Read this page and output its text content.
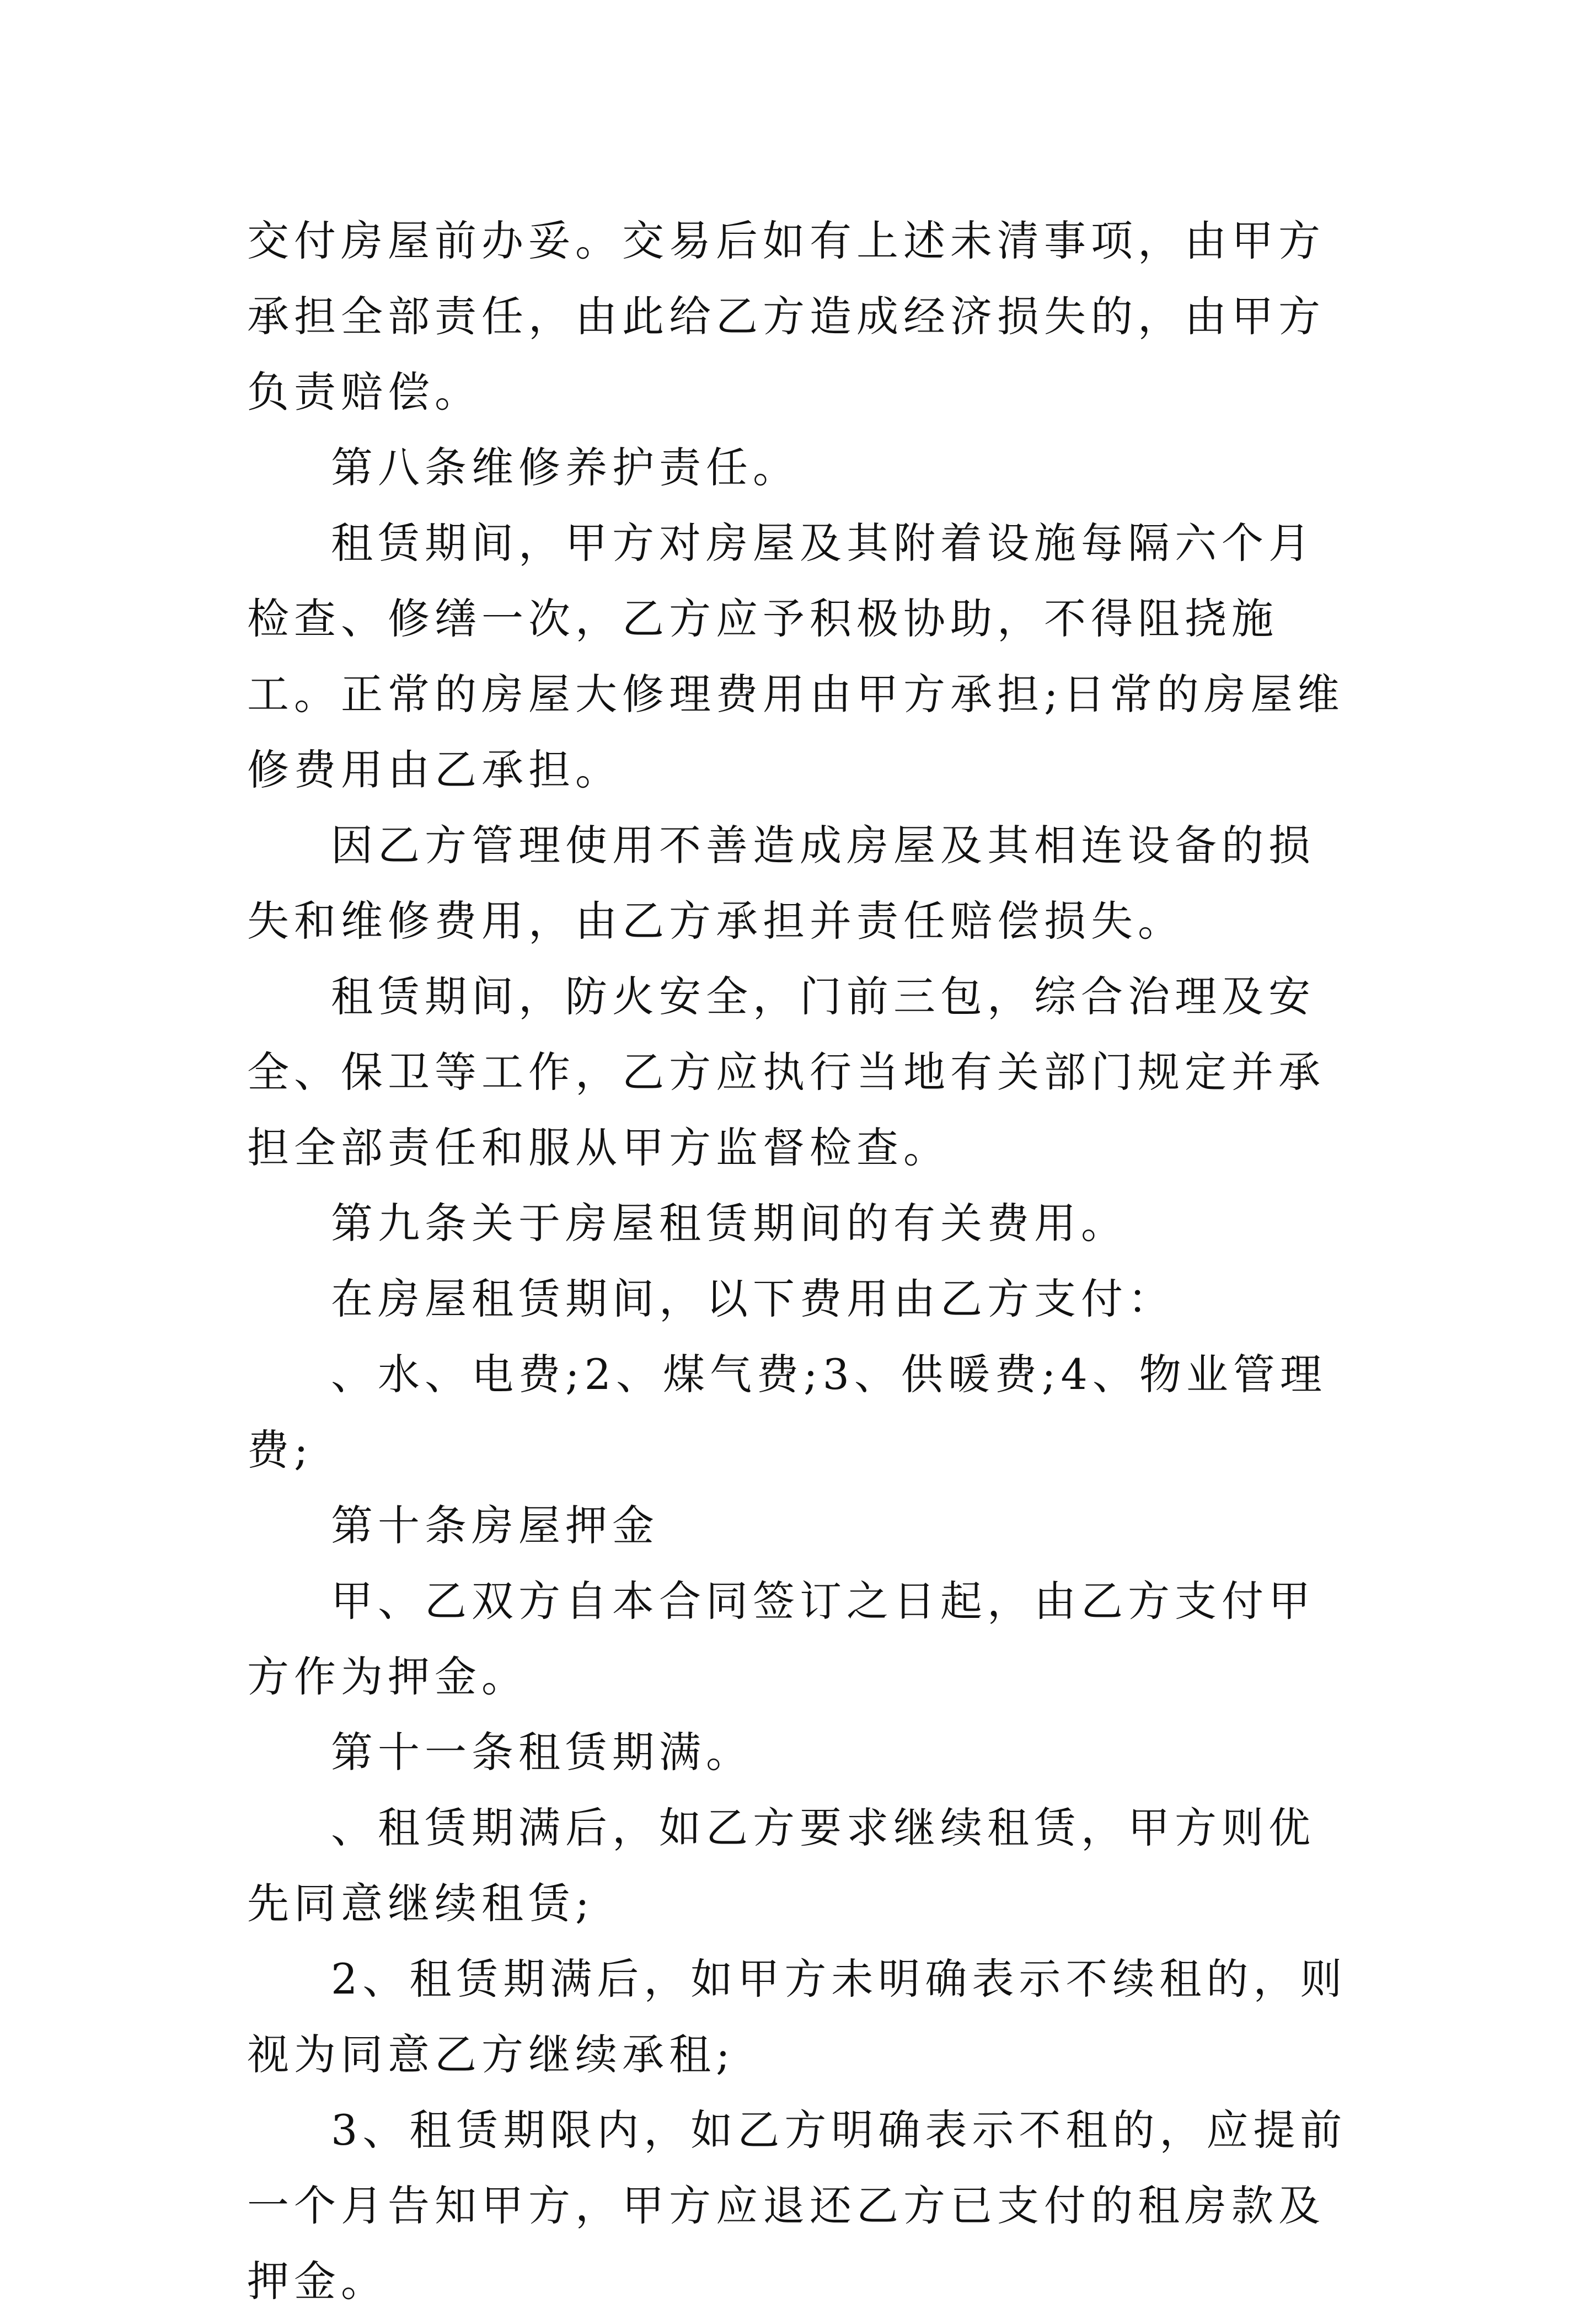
交付房屋前办妥。交易后如有上述未清事项，由甲方承担全部责任，由此给乙方造成经济损失的，由甲方负责赔偿。

第八条维修养护责任。

租赁期间，甲方对房屋及其附着设施每隔六个月检查、修缮一次，乙方应予积极协助，不得阻挠施工。正常的房屋大修理费用由甲方承担;日常的房屋维修费用由乙承担。

因乙方管理使用不善造成房屋及其相连设备的损失和维修费用，由乙方承担并责任赔偿损失。

租赁期间，防火安全，门前三包，综合治理及安全、保卫等工作，乙方应执行当地有关部门规定并承担全部责任和服从甲方监督检查。

第九条关于房屋租赁期间的有关费用。

在房屋租赁期间，以下费用由乙方支付：

、水、电费;2、煤气费;3、供暖费;4、物业管理费;

第十条房屋押金

甲、乙双方自本合同签订之日起，由乙方支付甲方作为押金。

第十一条租赁期满。

、租赁期满后，如乙方要求继续租赁，甲方则优先同意继续租赁;

2、租赁期满后，如甲方未明确表示不续租的，则视为同意乙方继续承租;

3、租赁期限内，如乙方明确表示不租的，应提前一个月告知甲方，甲方应退还乙方已支付的租房款及押金。
